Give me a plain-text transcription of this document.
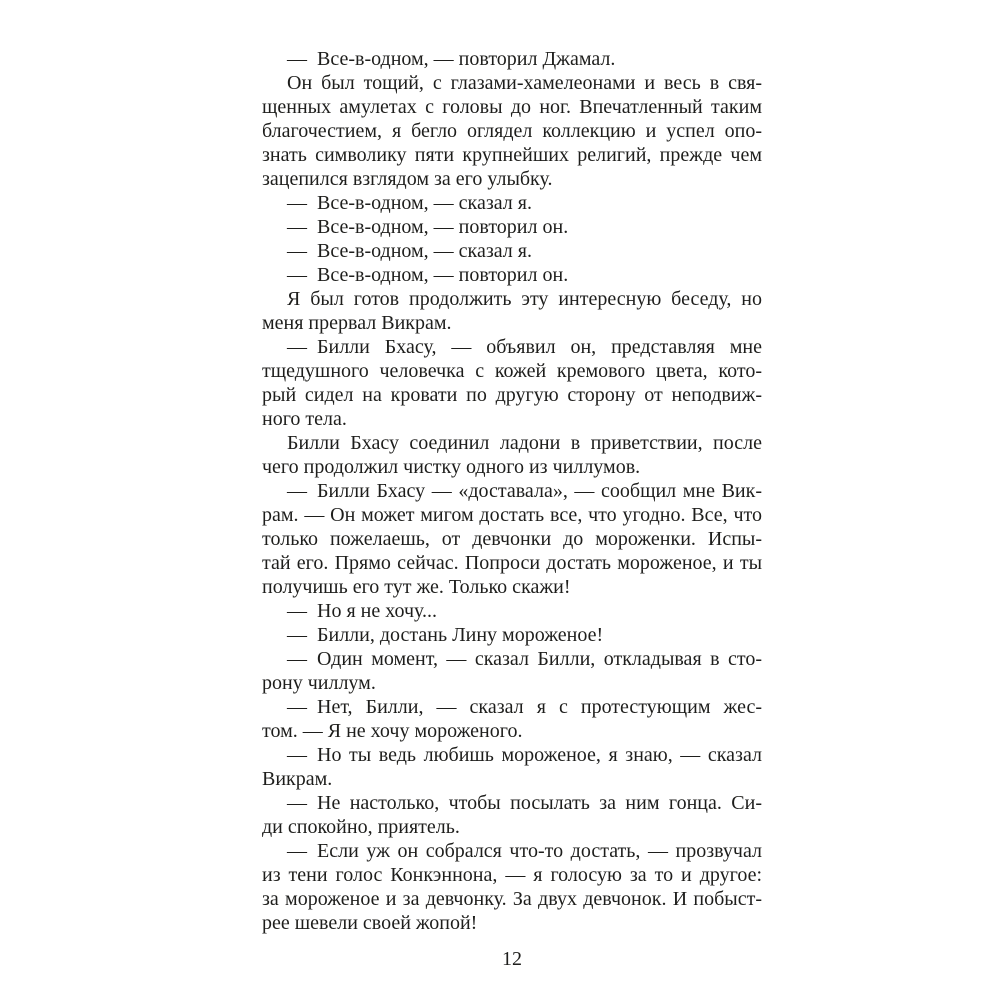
— Все-в-одном, — повторил Джамал.
Он был тощий, с глазами-хамелеонами и весь в свя-
щенных амулетах с головы до ног. Впечатленный таким
благочестием, я бегло оглядел коллекцию и успел опо-
знать символику пяти крупнейших религий, прежде чем
зацепился взглядом за его улыбку.
— Все-в-одном, — сказал я.
— Все-в-одном, — повторил он.
— Все-в-одном, — сказал я.
— Все-в-одном, — повторил он.
Я был готов продолжить эту интересную беседу, но
меня прервал Викрам.
— Билли Бхасу, — объявил он, представляя мне
тщедушного человечка с кожей кремового цвета, кото-
рый сидел на кровати по другую сторону от неподвиж-
ного тела.
Билли Бхасу соединил ладони в приветствии, после
чего продолжил чистку одного из чиллумов.
— Билли Бхасу — «доставала», — сообщил мне Вик-
рам. — Он может мигом достать все, что угодно. Все, что
только пожелаешь, от девчонки до мороженки. Испы-
тай его. Прямо сейчас. Попроси достать мороженое, и ты
получишь его тут же. Только скажи!
— Но я не хочу...
— Билли, достань Лину мороженое!
— Один момент, — сказал Билли, откладывая в сто-
рону чиллум.
— Нет, Билли, — сказал я с протестующим жес-
том. — Я не хочу мороженого.
— Но ты ведь любишь мороженое, я знаю, — сказал
Викрам.
— Не настолько, чтобы посылать за ним гонца. Си-
ди спокойно, приятель.
— Если уж он собрался что-то достать, — прозвучал
из тени голос Конкэннона, — я голосую за то и другое:
за мороженое и за девчонку. За двух девчонок. И побыст-
рее шевели своей жопой!
12
